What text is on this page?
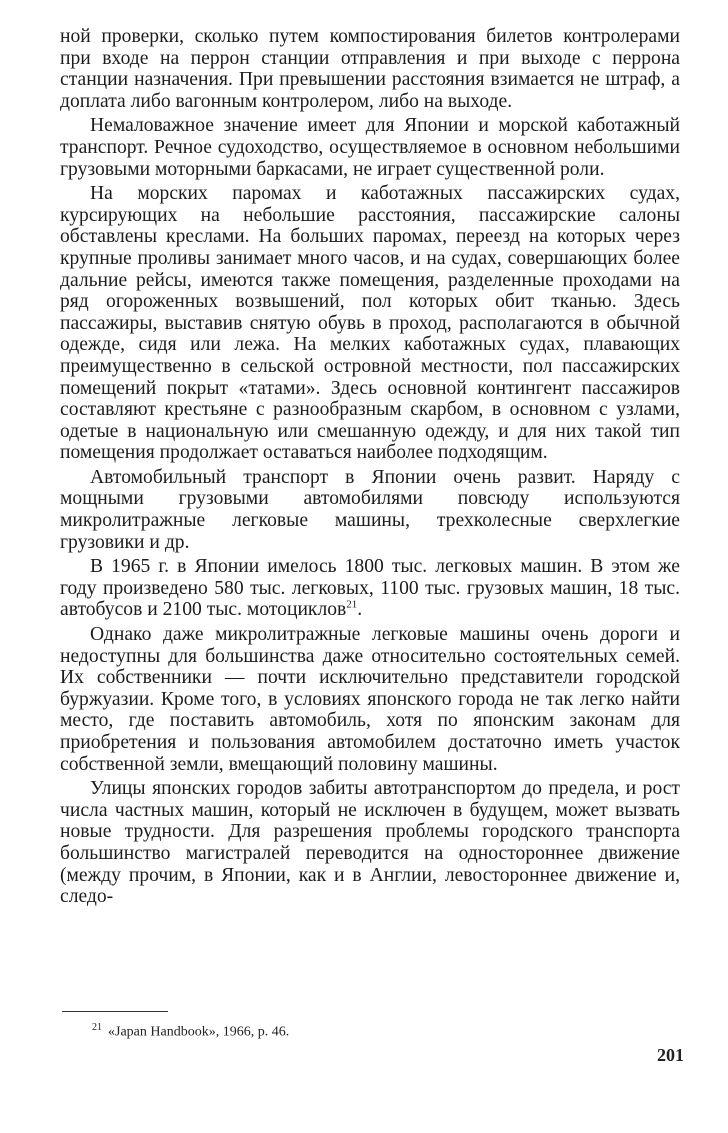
ной проверки, сколько путем компостирования билетов контролерами при входе на перрон станции отправления и при выходе с перрона станции назначения. При превышении расстояния взимается не штраф, а доплата либо вагонным контролером, либо на выходе.

Немаловажное значение имеет для Японии и морской каботажный транспорт. Речное судоходство, осуществляемое в основном небольшими грузовыми моторными баркасами, не играет существенной роли.

На морских паромах и каботажных пассажирских судах, курсирующих на небольшие расстояния, пассажирские салоны обставлены креслами. На больших паромах, переезд на которых через крупные проливы занимает много часов, и на судах, совершающих более дальние рейсы, имеются также помещения, разделенные проходами на ряд огороженных возвышений, пол которых обит тканью. Здесь пассажиры, выставив снятую обувь в проход, располагаются в обычной одежде, сидя или лежа. На мелких каботажных судах, плавающих преимущественно в сельской островной местности, пол пассажирских помещений покрыт «татами». Здесь основной контингент пассажиров составляют крестьяне с разнообразным скарбом, в основном с узлами, одетые в национальную или смешанную одежду, и для них такой тип помещения продолжает оставаться наиболее подходящим.

Автомобильный транспорт в Японии очень развит. Наряду с мощными грузовыми автомобилями повсюду используются микролитражные легковые машины, трехколесные сверхлегкие грузовики и др.

В 1965 г. в Японии имелось 1800 тыс. легковых машин. В этом же году произведено 580 тыс. легковых, 1100 тыс. грузовых машин, 18 тыс. автобусов и 2100 тыс. мотоциклов$^{21}$.

Однако даже микролитражные легковые машины очень дороги и недоступны для большинства даже относительно состоятельных семей. Их собственники — почти исключительно представители городской буржуазии. Кроме того, в условиях японского города не так легко найти место, где поставить автомобиль, хотя по японским законам для приобретения и пользования автомобилем достаточно иметь участок собственной земли, вмещающий половину машины.

Улицы японских городов забиты автотранспортом до предела, и рост числа частных машин, который не исключен в будущем, может вызвать новые трудности. Для разрешения проблемы городского транспорта большинство магистралей переводится на одностороннее движение (между прочим, в Японии, как и в Англии, левостороннее движение и, следо-

$^{21}$ «Japan Handbook», 1966, p. 46.
201
